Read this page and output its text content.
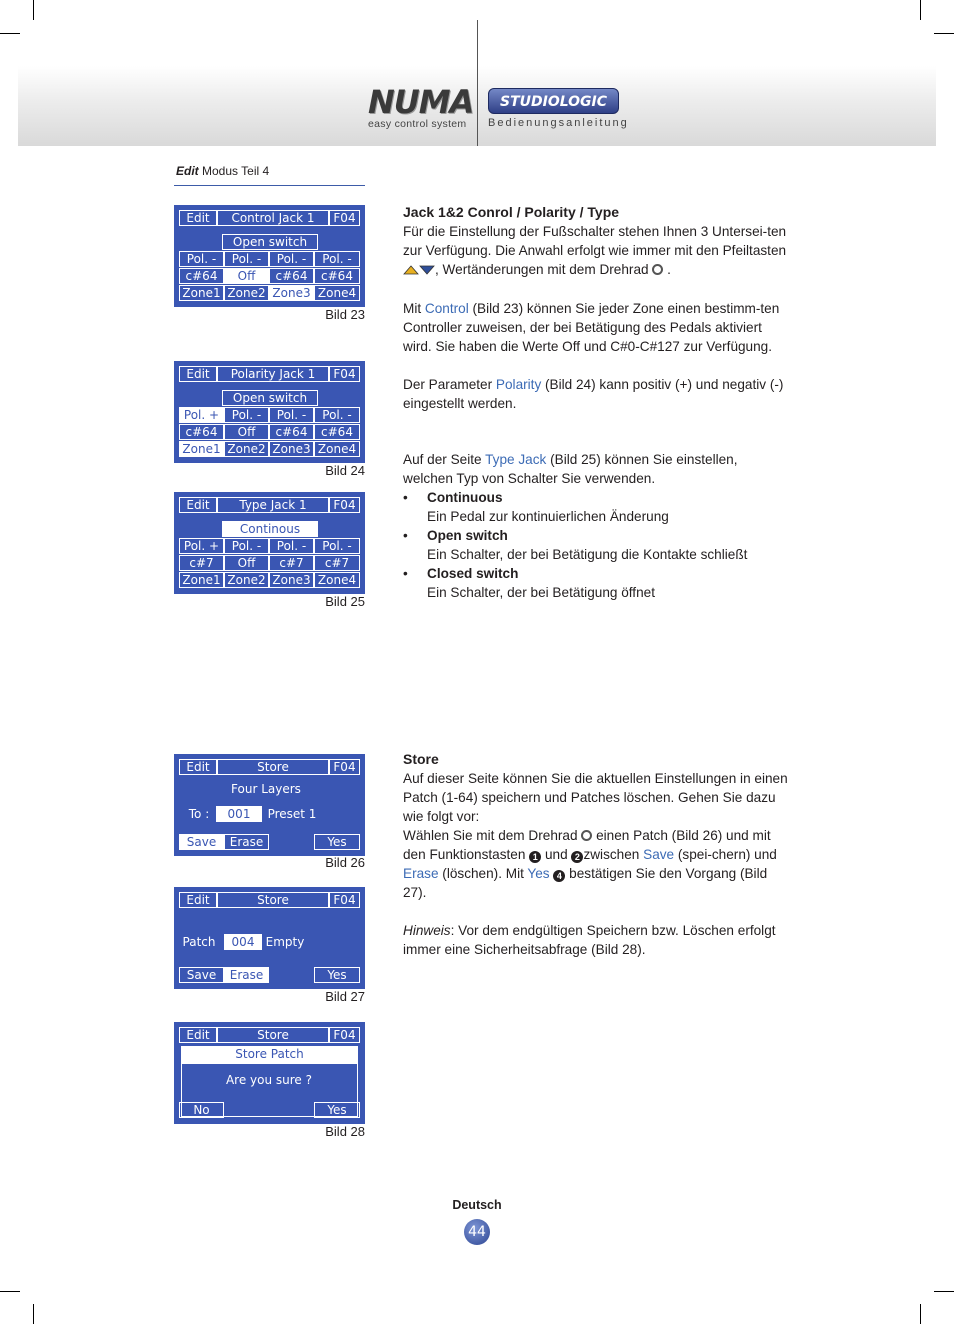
NUMA
easy control system
STUDIOLOGIC
Bedienungsanleitung
Edit Modus Teil 4
Edit	Control Jack 1	F04
Open switch
Pol. -	Pol. -	Pol. -	Pol. -
c#64	Off	c#64	c#64
Zone1 Zone2 Zone3 Zone4
Bild 23
Edit	Polarity Jack 1	F04
Open switch
Pol. +	Pol. -	Pol. -	Pol. -
c#64	Off	c#64	c#64
Zone1 Zone2 Zone3 Zone4
Bild 24
Edit	Type Jack 1	F04
Continous
Pol. +	Pol. -	Pol. -	Pol. -
c#7	Off	c#7	c#7
Zone1 Zone2 Zone3 Zone4
Bild 25
Edit	Store	F04
Four Layers
To :	001	Preset 1
Save	Erase	Yes
Bild 26
Edit	Store	F04
Patch	004 Empty
Save	Erase	Yes
Bild 27
Edit	Store	F04
Store Patch
Are you sure ?
No	Yes
Bild 28

Jack 1&2 Conrol / Polarity / Type

Für die Einstellung der Fußschalter stehen Ihnen 3 Untersei-ten zur Verfügung. Die Anwahl erfolgt wie immer mit den Pfeiltasten , Wertänderungen mit dem Drehrad  .

Mit Control (Bild 23) können Sie jeder Zone einen bestimm-ten Controller zuweisen, der bei Betätigung des Pedals aktiviert wird. Sie haben die Werte Off und C#0-C#127 zur Verfügung.

Der Parameter Polarity (Bild 24) kann positiv (+) und negativ (-) eingestellt werden.

Auf der Seite Type Jack (Bild 25) können Sie einstellen, welchen Typ von Schalter Sie verwenden.

• Continuous
Ein Pedal zur kontinuierlichen Änderung
• Open switch
Ein Schalter, der bei Betätigung die Kontakte schließt
• Closed switch
Ein Schalter, der bei Betätigung öffnet

Store

Auf dieser Seite können Sie die aktuellen Einstellungen in einen Patch (1-64) speichern und Patches löschen. Gehen Sie dazu wie folgt vor:

Wählen Sie mit dem Drehrad  einen Patch (Bild 26) und mit den Funktionstasten 1 und 2 zwischen Save (spei-chern) und Erase (löschen). Mit Yes 4 bestätigen Sie den Vorgang (Bild 27).

Hinweis: Vor dem endgültigen Speichern bzw. Löschen erfolgt immer eine Sicherheitsabfrage (Bild 28).

Deutsch
44
